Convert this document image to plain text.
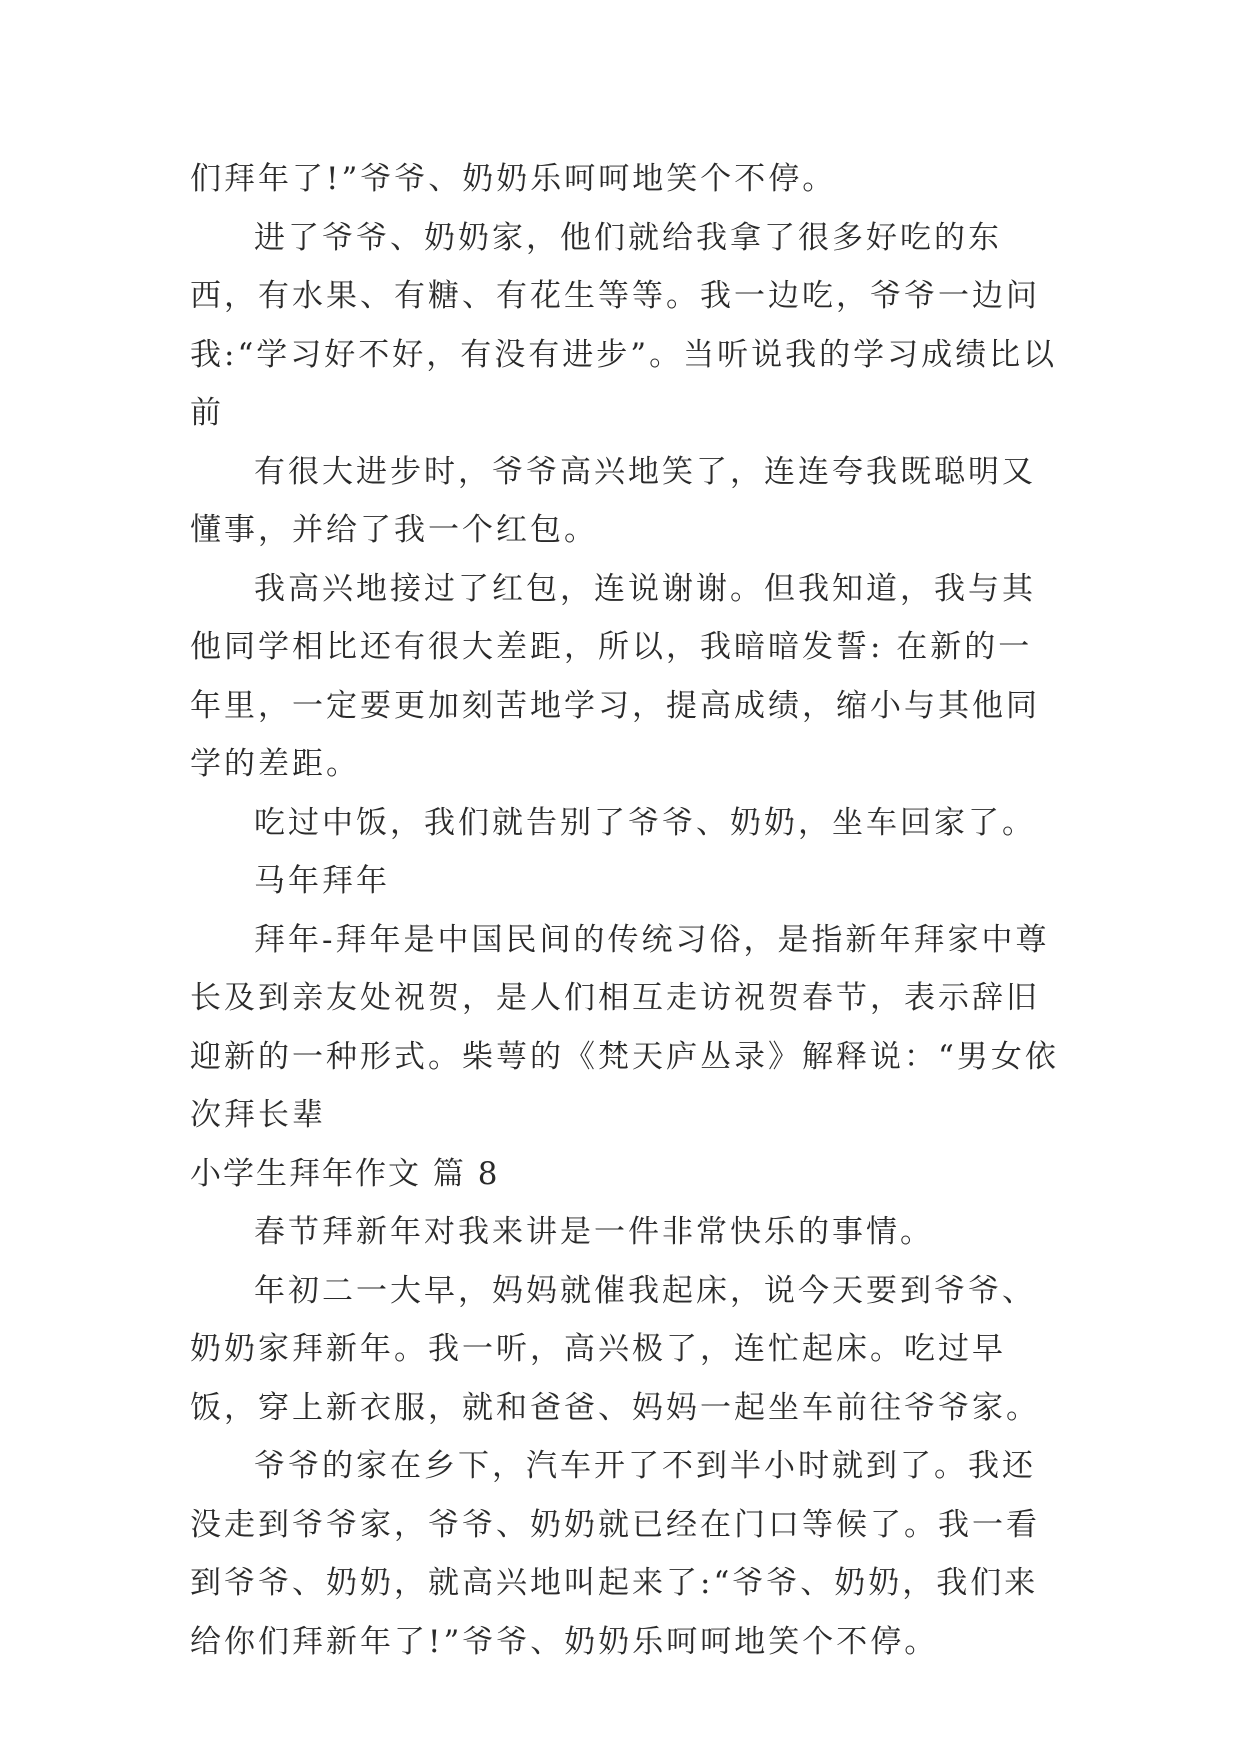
们拜年了!”爷爷、奶奶乐呵呵地笑个不停。

进了爷爷、奶奶家，他们就给我拿了很多好吃的东西，有水果、有糖、有花生等等。我一边吃，爷爷一边问我:“学习好不好，有没有进步”。当听说我的学习成绩比以前

有很大进步时，爷爷高兴地笑了，连连夸我既聪明又懂事，并给了我一个红包。

我高兴地接过了红包，连说谢谢。但我知道，我与其他同学相比还有很大差距，所以，我暗暗发誓: 在新的一年里，一定要更加刻苦地学习，提高成绩，缩小与其他同学的差距。

吃过中饭，我们就告别了爷爷、奶奶，坐车回家了。

马年拜年

拜年-拜年是中国民间的传统习俗，是指新年拜家中尊长及到亲友处祝贺，是人们相互走访祝贺春节，表示辞旧迎新的一种形式。柴萼的《梵天庐丛录》解释说：“男女依次拜长辈

小学生拜年作文 篇 8

春节拜新年对我来讲是一件非常快乐的事情。

年初二一大早，妈妈就催我起床，说今天要到爷爷、奶奶家拜新年。我一听，高兴极了，连忙起床。吃过早饭，穿上新衣服，就和爸爸、妈妈一起坐车前往爷爷家。

爷爷的家在乡下，汽车开了不到半小时就到了。我还没走到爷爷家，爷爷、奶奶就已经在门口等候了。我一看到爷爷、奶奶，就高兴地叫起来了:“爷爷、奶奶，我们来给你们拜新年了!”爷爷、奶奶乐呵呵地笑个不停。
